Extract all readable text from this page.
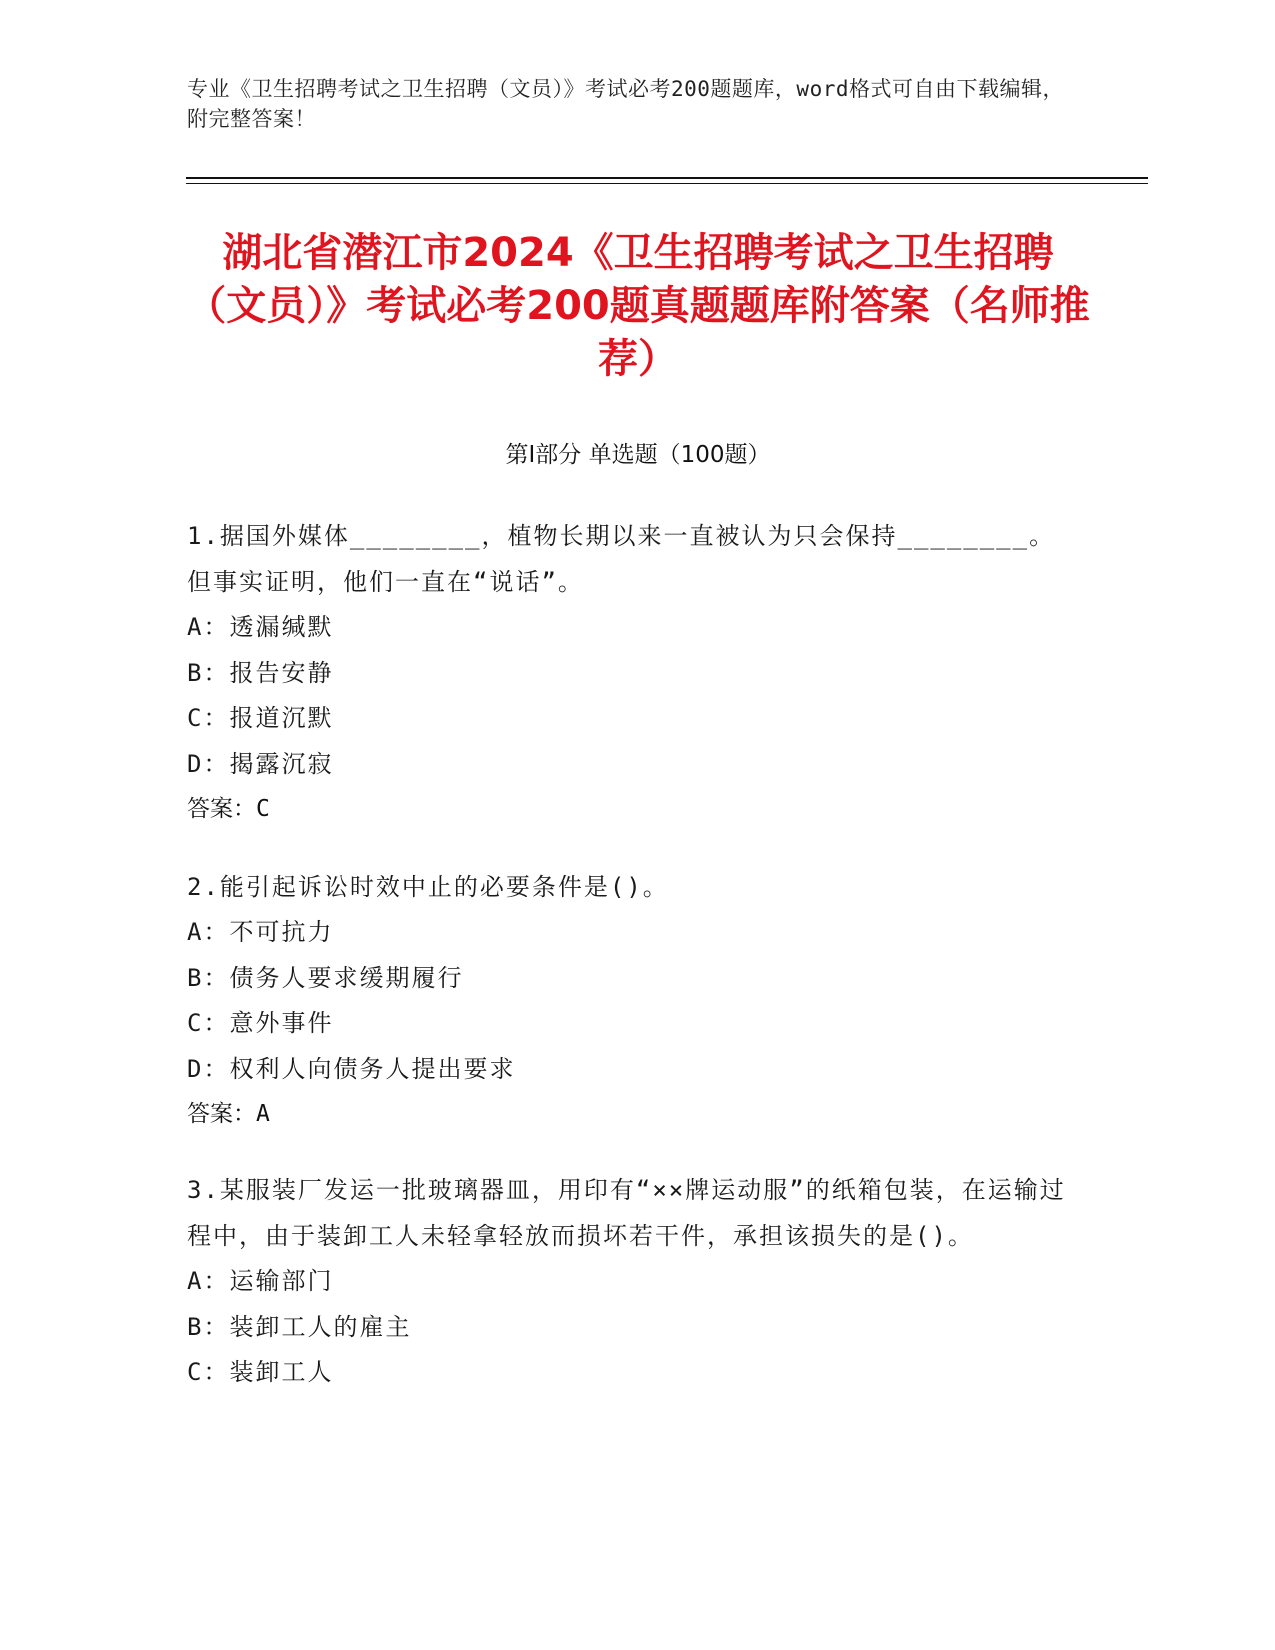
专业《卫生招聘考试之卫生招聘（文员）》考试必考200题题库，word格式可自由下载编辑，附完整答案！
湖北省潜江市2024《卫生招聘考试之卫生招聘（文员）》考试必考200题真题题库附答案（名师推荐）
第I部分 单选题（100题）

1.据国外媒体________，植物长期以来一直被认为只会保持________。但事实证明，他们一直在“说话”。

A：透漏缄默

B：报告安静

C：报道沉默

D：揭露沉寂

答案：C

2.能引起诉讼时效中止的必要条件是()。

A：不可抗力

B：债务人要求缓期履行

C：意外事件

D：权利人向债务人提出要求

答案：A

3.某服装厂发运一批玻璃器皿，用印有“××牌运动服”的纸箱包装，在运输过程中，由于装卸工人未轻拿轻放而损坏若干件，承担该损失的是()。

A：运输部门

B：装卸工人的雇主

C：装卸工人
